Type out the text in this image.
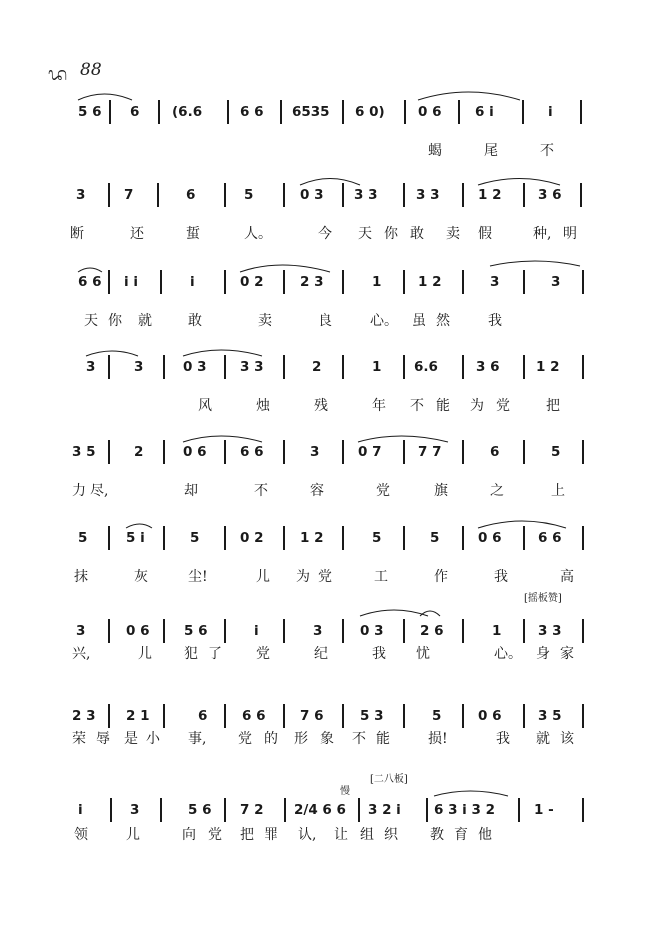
ᬤ 88
5 6 6 (6.6	6 6 6535 6 0) 0 6 6 i	i
蝎	尾	不
3	7	6	5	0 3 3 3	3 3	1 2	3 6
断	还	蜇	人。	今 天 你 敢 卖 假	种, 明
6 6 i i	i	0 2	2 3	1	1 2	3	3
天 你 就	敢	卖	良	心。 虽 然	我
3	3	0 3 3 3	2	1 6.6	3 6	1 2
风	烛	残	年 不 能 为 党	把
3 5	2	0 6 6 6	3	0 7	7 7	6	5
力 尽,	却	不	容	党	旗	之	上
5	5 i	5	0 2	1 2	5	5	0 6	6 6
抹	灰	尘!	儿 为 党	工	作	我	高
[摇板赞]
3	0 6	5 6	i	3	0 3	2 6	1	3 3
兴,	儿 犯 了 党	纪	我 忧	心。 身 家
2 3 2 1	6	6 6	7 6	5 3	5	0 6	3 5
荣 辱 是 小 事, 党 的 形 象 不 能	损!	我 就 该
[二八板]
慢
i	3	5 6 7 2 2/4 6 6 3 2 i 6 3 i 3 2	1 -
领	儿	向 党 把 罪 认, 让 组 织 教 育 他
